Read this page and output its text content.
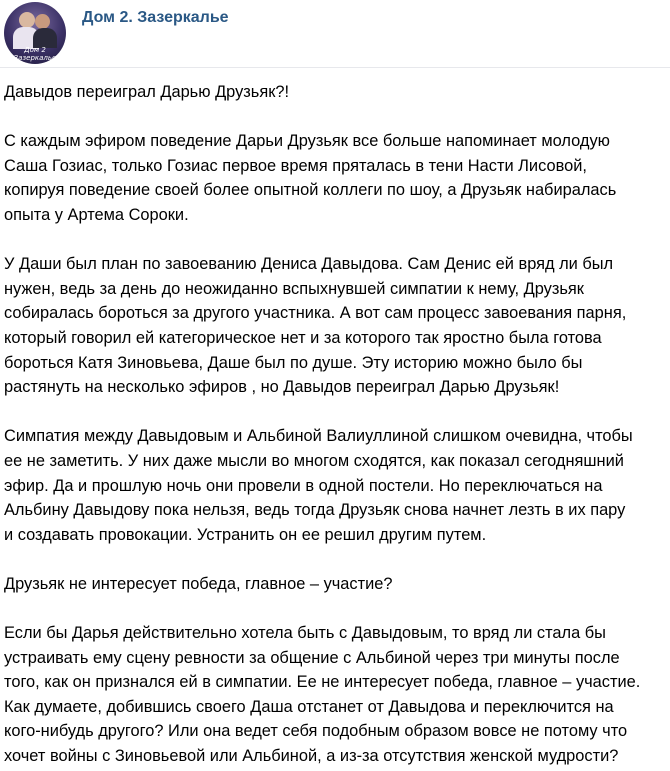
Дом 2 Зазеркалье
Дом 2. Зазеркалье

Давыдов переиграл Дарью Друзьяк?!

С каждым эфиром поведение Дарьи Друзьяк все больше напоминает молодую
Саша Гозиас, только Гозиас первое время пряталась в тени Насти Лисовой,
копируя поведение своей более опытной коллеги по шоу, а Друзьяк набиралась
опыта у Артема Сороки.

У Даши был план по завоеванию Дениса Давыдова. Сам Денис ей вряд ли был
нужен, ведь за день до неожиданно вспыхнувшей симпатии к нему, Друзьяк
собиралась бороться за другого участника. А вот сам процесс завоевания парня,
который говорил ей категорическое нет и за которого так яростно была готова
бороться Катя Зиновьева, Даше был по душе. Эту историю можно было бы
растянуть на несколько эфиров , но Давыдов переиграл Дарью Друзьяк!

Симпатия между Давыдовым и Альбиной Валиуллиной слишком очевидна, чтобы
ее не заметить. У них даже мысли во многом сходятся, как показал сегодняшний
эфир. Да и прошлую ночь они провели в одной постели. Но переключаться на
Альбину Давыдову пока нельзя, ведь тогда Друзьяк снова начнет лезть в их пару
и создавать провокации. Устранить он ее решил другим путем.

Друзьяк не интересует победа, главное – участие?

Если бы Дарья действительно хотела быть с Давыдовым, то вряд ли стала бы
устраивать ему сцену ревности за общение с Альбиной через три минуты после
того, как он признался ей в симпатии. Ее не интересует победа, главное – участие.
Как думаете, добившись своего Даша отстанет от Давыдова и переключится на
кого-нибудь другого? Или она ведет себя подобным образом вовсе не потому что
хочет войны с Зиновьевой или Альбиной, а из-за отсутствия женской мудрости?
